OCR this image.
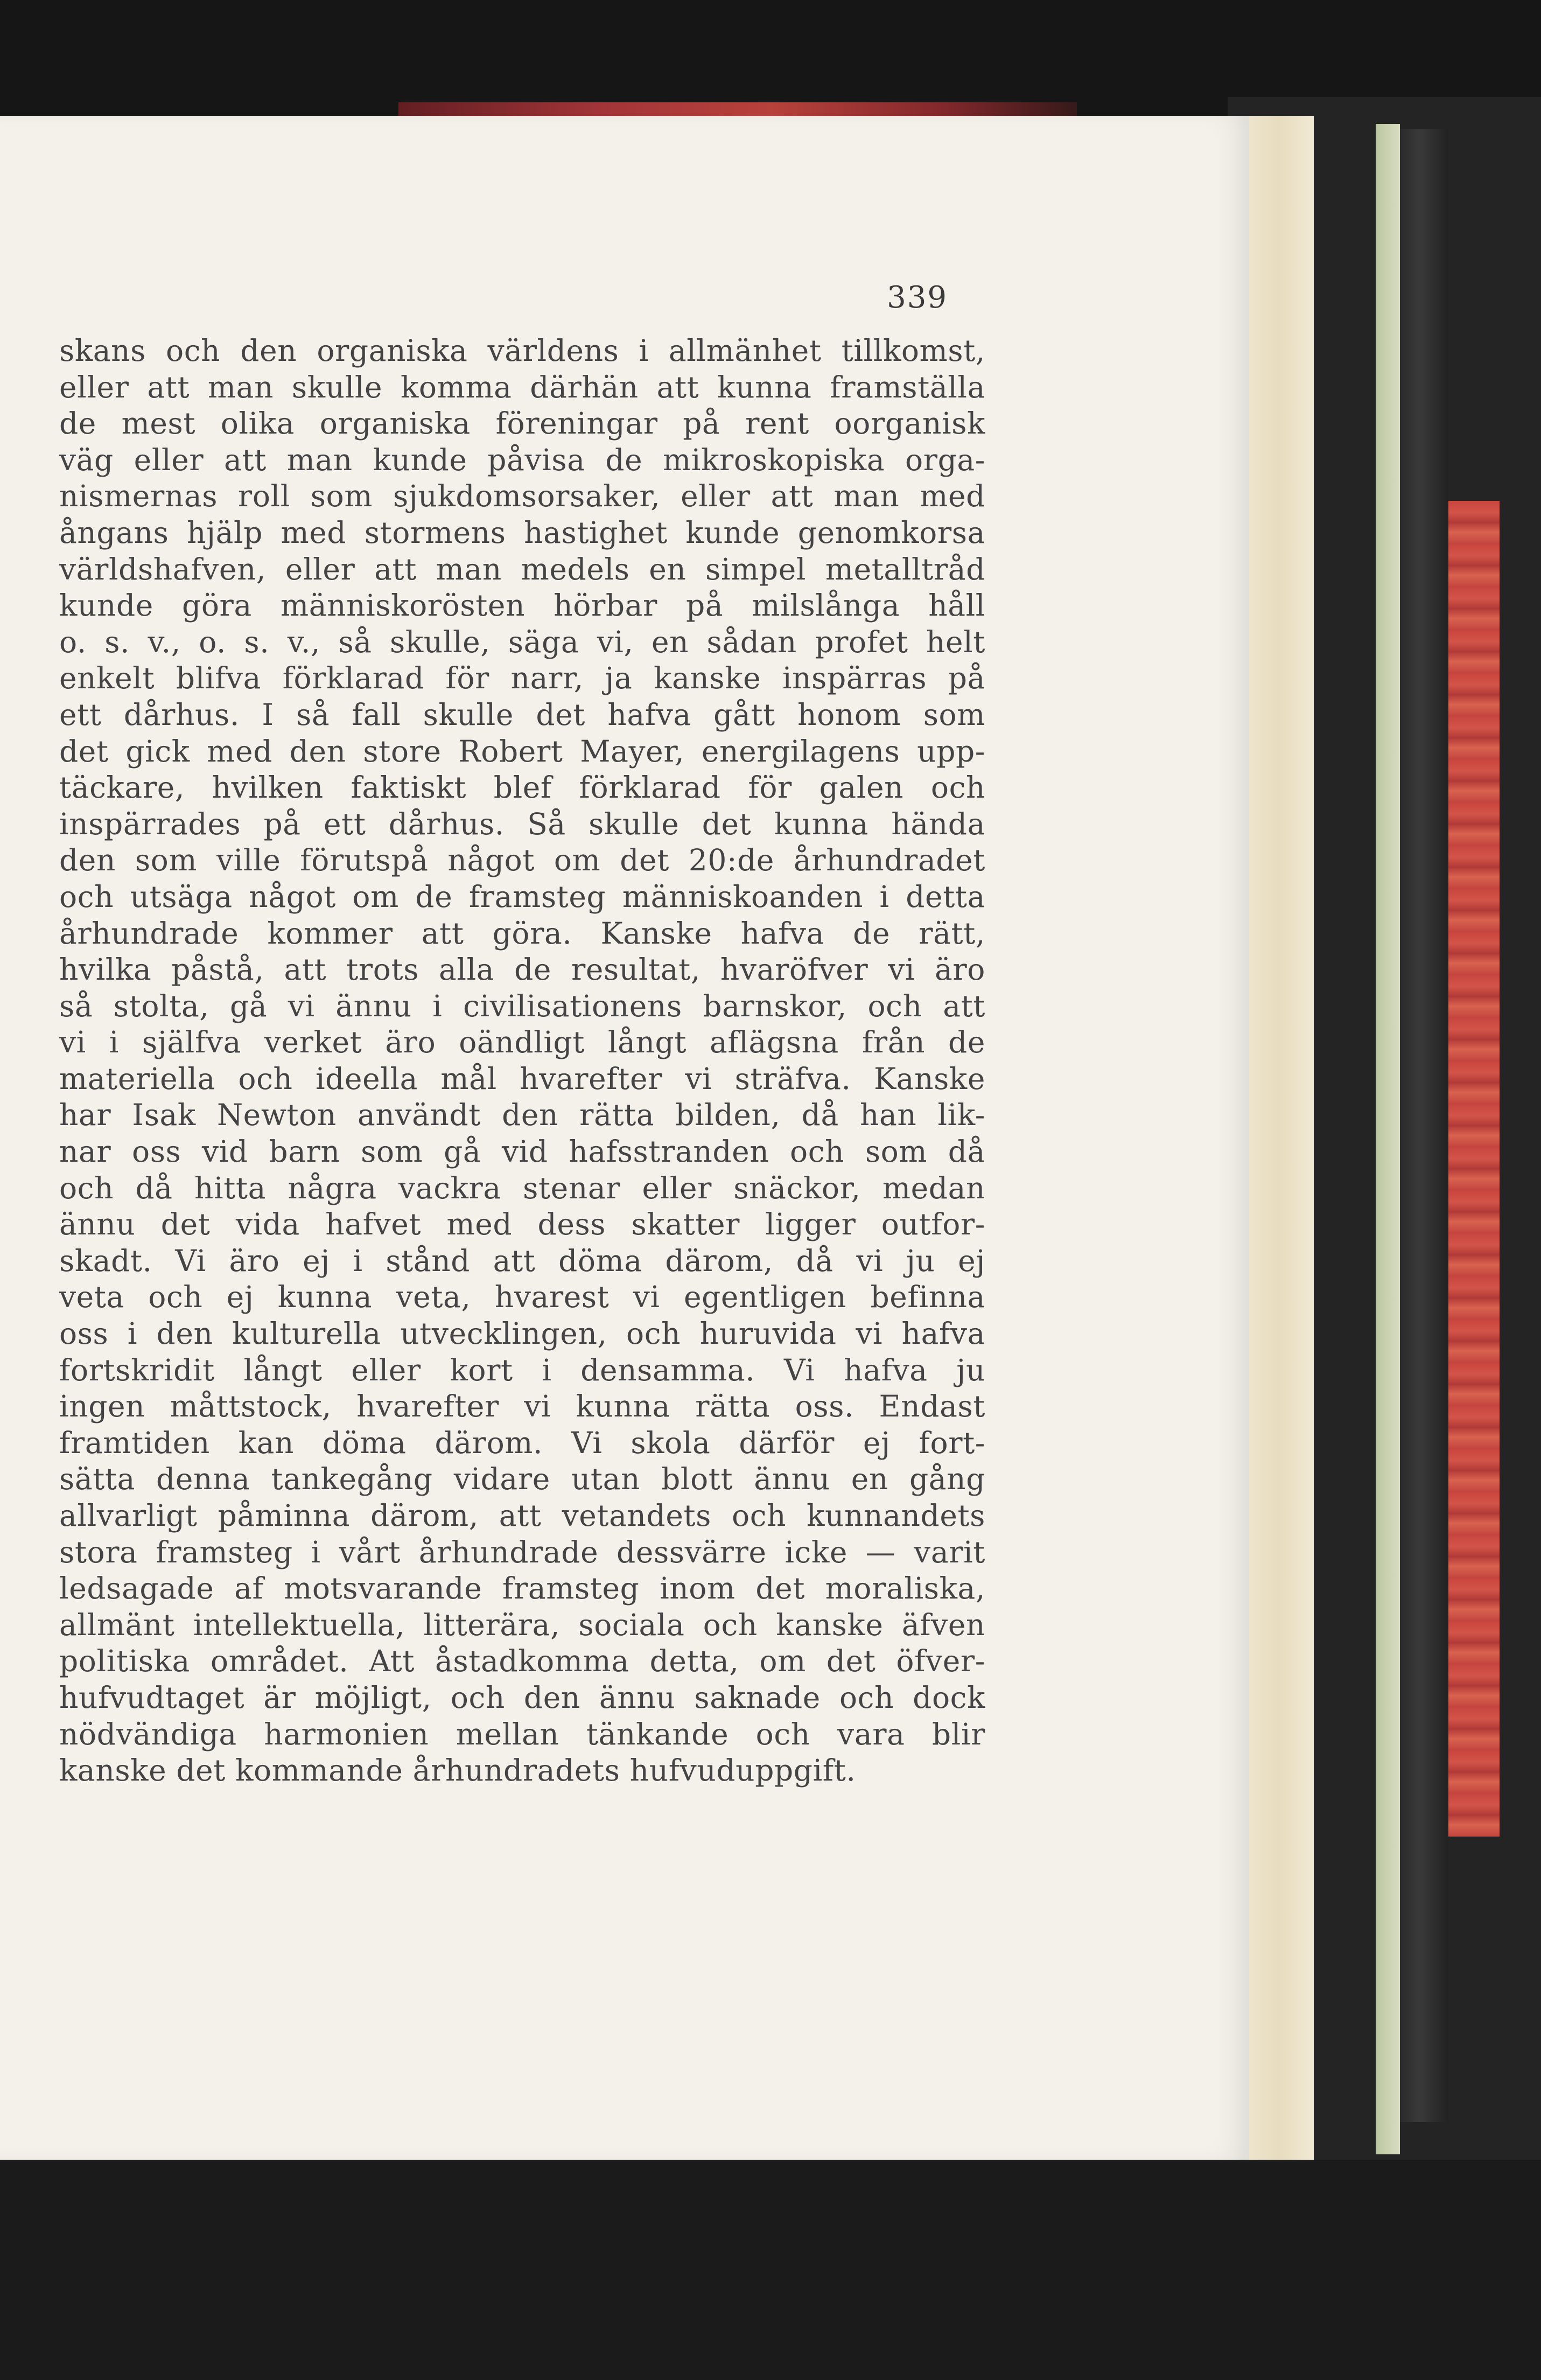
339
skans och den organiska världens i allmänhet tillkomst,
eller att man skulle komma därhän att kunna framställa
de mest olika organiska föreningar på rent oorganisk
väg eller att man kunde påvisa de mikroskopiska orga-
nismernas roll som sjukdomsorsaker, eller att man med
ångans hjälp med stormens hastighet kunde genomkorsa
världshafven, eller att man medels en simpel metalltråd
kunde göra människorösten hörbar på milslånga håll
o. s. v., o. s. v., så skulle, säga vi, en sådan profet helt
enkelt blifva förklarad för narr, ja kanske inspärras på
ett dårhus. I så fall skulle det hafva gått honom som
det gick med den store Robert Mayer, energilagens upp-
täckare, hvilken faktiskt blef förklarad för galen och
inspärrades på ett dårhus. Så skulle det kunna hända
den som ville förutspå något om det 20:de århundradet
och utsäga något om de framsteg människoanden i detta
århundrade kommer att göra. Kanske hafva de rätt,
hvilka påstå, att trots alla de resultat, hvaröfver vi äro
så stolta, gå vi ännu i civilisationens barnskor, och att
vi i själfva verket äro oändligt långt aflägsna från de
materiella och ideella mål hvarefter vi sträfva. Kanske
har Isak Newton användt den rätta bilden, då han lik-
nar oss vid barn som gå vid hafsstranden och som då
och då hitta några vackra stenar eller snäckor, medan
ännu det vida hafvet med dess skatter ligger outfor-
skadt. Vi äro ej i stånd att döma därom, då vi ju ej
veta och ej kunna veta, hvarest vi egentligen befinna
oss i den kulturella utvecklingen, och huruvida vi hafva
fortskridit långt eller kort i densamma. Vi hafva ju
ingen måttstock, hvarefter vi kunna rätta oss. Endast
framtiden kan döma därom. Vi skola därför ej fort-
sätta denna tankegång vidare utan blott ännu en gång
allvarligt påminna därom, att vetandets och kunnandets
stora framsteg i vårt århundrade dessvärre icke — varit
ledsagade af motsvarande framsteg inom det moraliska,
allmänt intellektuella, litterära, sociala och kanske äfven
politiska området. Att åstadkomma detta, om det öfver-
hufvudtaget är möjligt, och den ännu saknade och dock
nödvändiga harmonien mellan tänkande och vara blir
kanske det kommande århundradets hufvuduppgift.
